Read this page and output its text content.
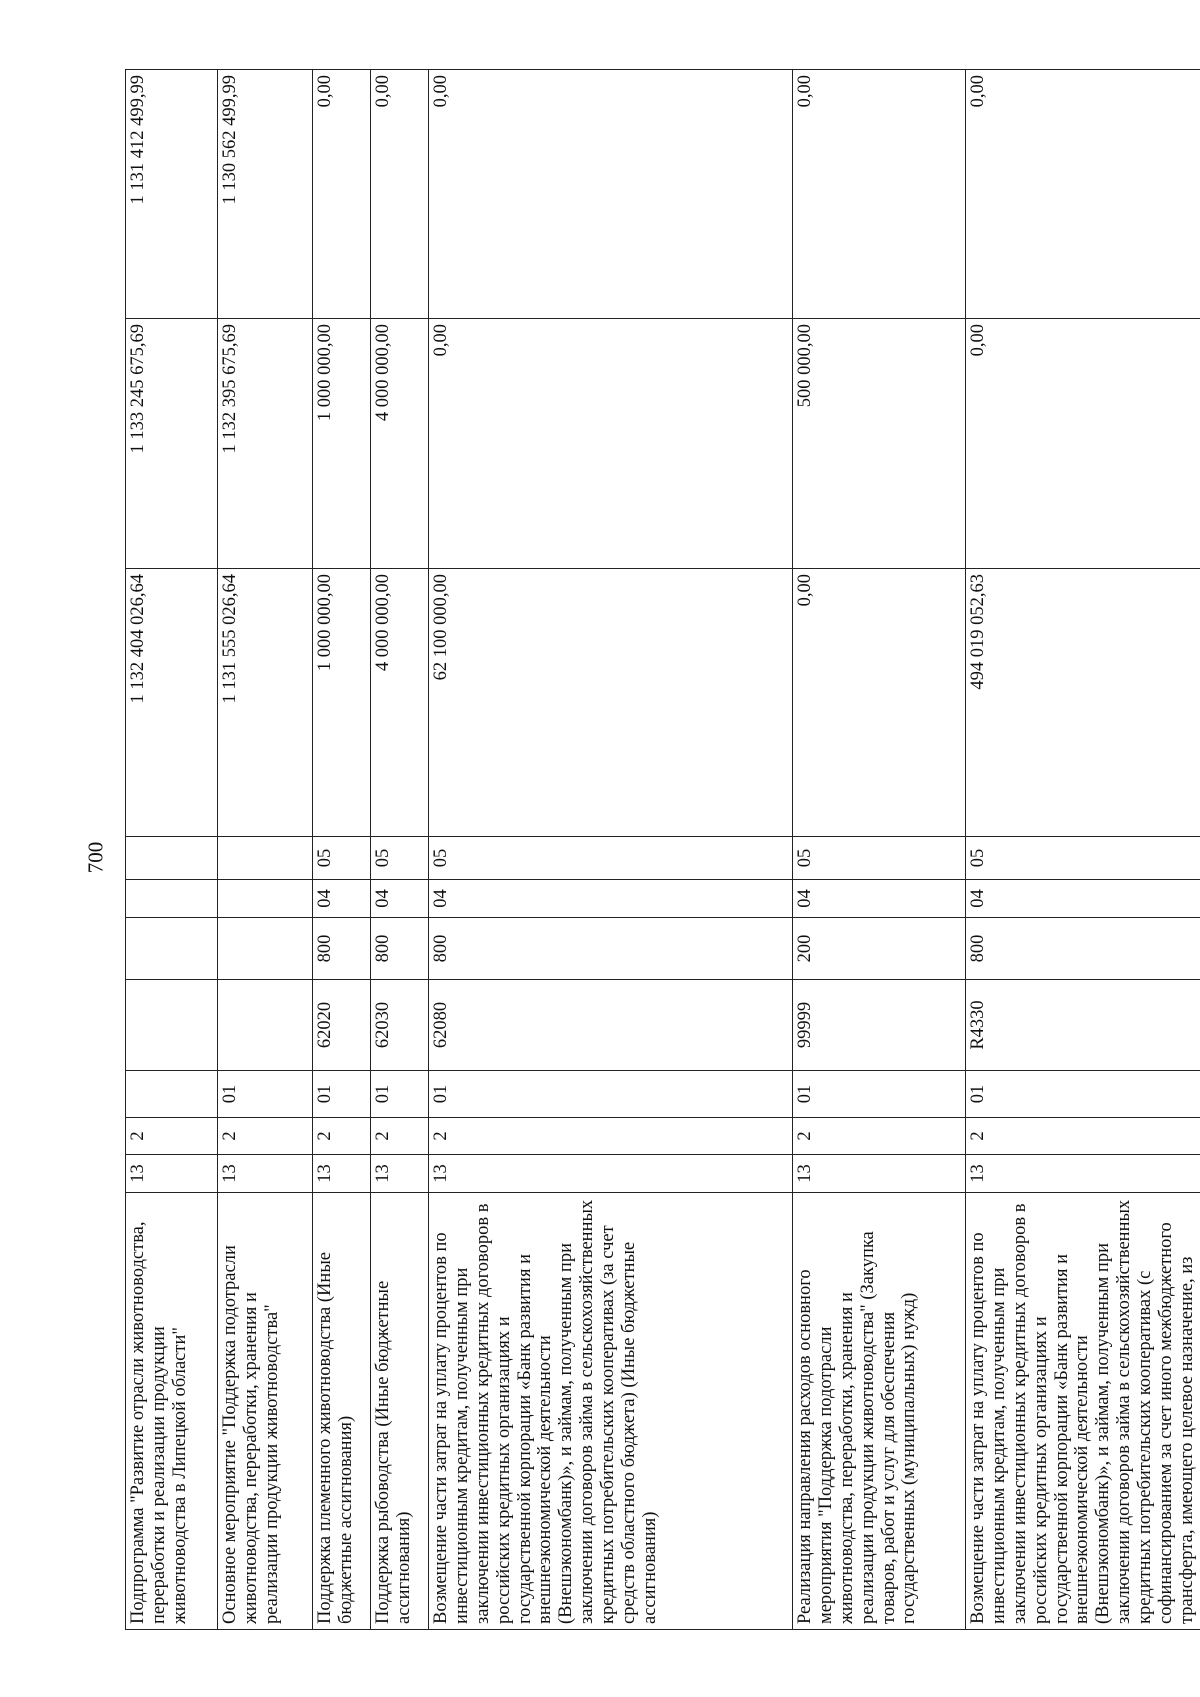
700
Подпрограмма "Развитие отрасли животноводства, переработки и реализации продукции животноводства в Липецкой области"	13	2						1 132 404 026,64	1 133 245 675,69	1 131 412 499,99
Основное мероприятие "Поддержка подотрасли животноводства, переработки, хранения и реализации продукции животноводства"	13	2	01					1 131 555 026,64	1 132 395 675,69	1 130 562 499,99
Поддержка племенного животноводства (Иные бюджетные ассигнования)	13	2	01	62020	800	04	05	1 000 000,00	1 000 000,00	0,00
Поддержка рыбоводства (Иные бюджетные ассигнования)	13	2	01	62030	800	04	05	4 000 000,00	4 000 000,00	0,00
Возмещение части затрат на уплату процентов по инвестиционным кредитам, полученным при заключении инвестиционных кредитных договоров в российских кредитных организациях и государственной корпорации «Банк развития и внешнеэкономической деятельности (Внешэкономбанк)», и займам, полученным при заключении договоров займа в сельскохозяйственных кредитных потребительских кооперативах (за счет средств областного бюджета) (Иные бюджетные ассигнования)	13	2	01	62080	800	04	05	62 100 000,00	0,00	0,00
Реализация направления расходов основного мероприятия "Поддержка подотрасли животноводства, переработки, хранения и реализации продукции животноводства" (Закупка товаров, работ и услуг для обеспечения государственных (муниципальных) нужд)	13	2	01	99999	200	04	05	0,00	500 000,00	0,00
Возмещение части затрат на уплату процентов по инвестиционным кредитам, полученным при заключении инвестиционных кредитных договоров в российских кредитных организациях и государственной корпорации «Банк развития и внешнеэкономической деятельности (Внешэкономбанк)», и займам, полученным при заключении договоров займа в сельскохозяйственных кредитных потребительских кооперативах (с софинансированием за счет иного межбюджетного трансферта, имеющего целевое назначение, из	13	2	01	R4330	800	04	05	494 019 052,63	0,00	0,00
